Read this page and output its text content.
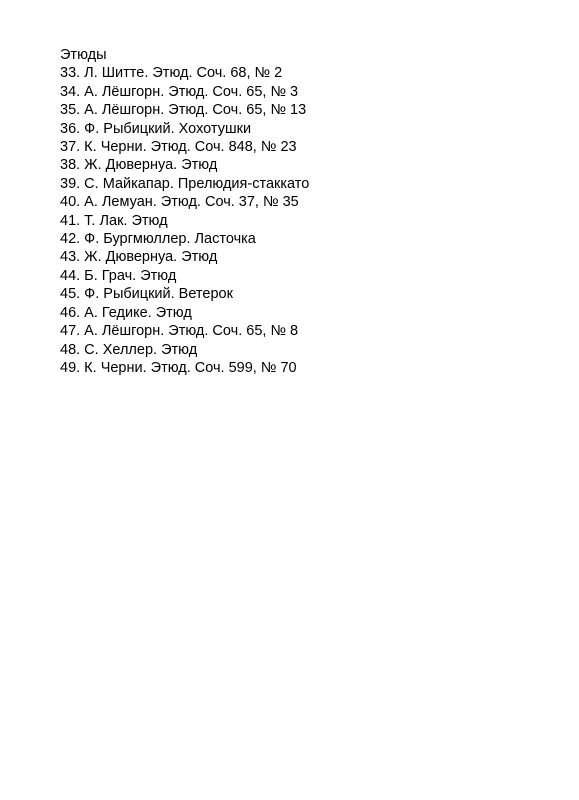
Этюды
33. Л. Шитте. Этюд. Соч. 68, № 2
34. А. Лёшгорн. Этюд. Соч. 65, № 3
35. А. Лёшгорн. Этюд. Соч. 65, № 13
36. Ф. Рыбицкий. Хохотушки
37. К. Черни. Этюд. Соч. 848, № 23
38. Ж. Дювернуа. Этюд
39. С. Майкапар. Прелюдия-стаккато
40. А. Лемуан. Этюд. Соч. 37, № 35
41. Т. Лак. Этюд
42. Ф. Бургмюллер. Ласточка
43. Ж. Дювернуа. Этюд
44. Б. Грач. Этюд
45. Ф. Рыбицкий. Ветерок
46. А. Гедике. Этюд
47. А. Лёшгорн. Этюд. Соч. 65, № 8
48. С. Хеллер. Этюд
49. К. Черни. Этюд. Соч. 599, № 70
